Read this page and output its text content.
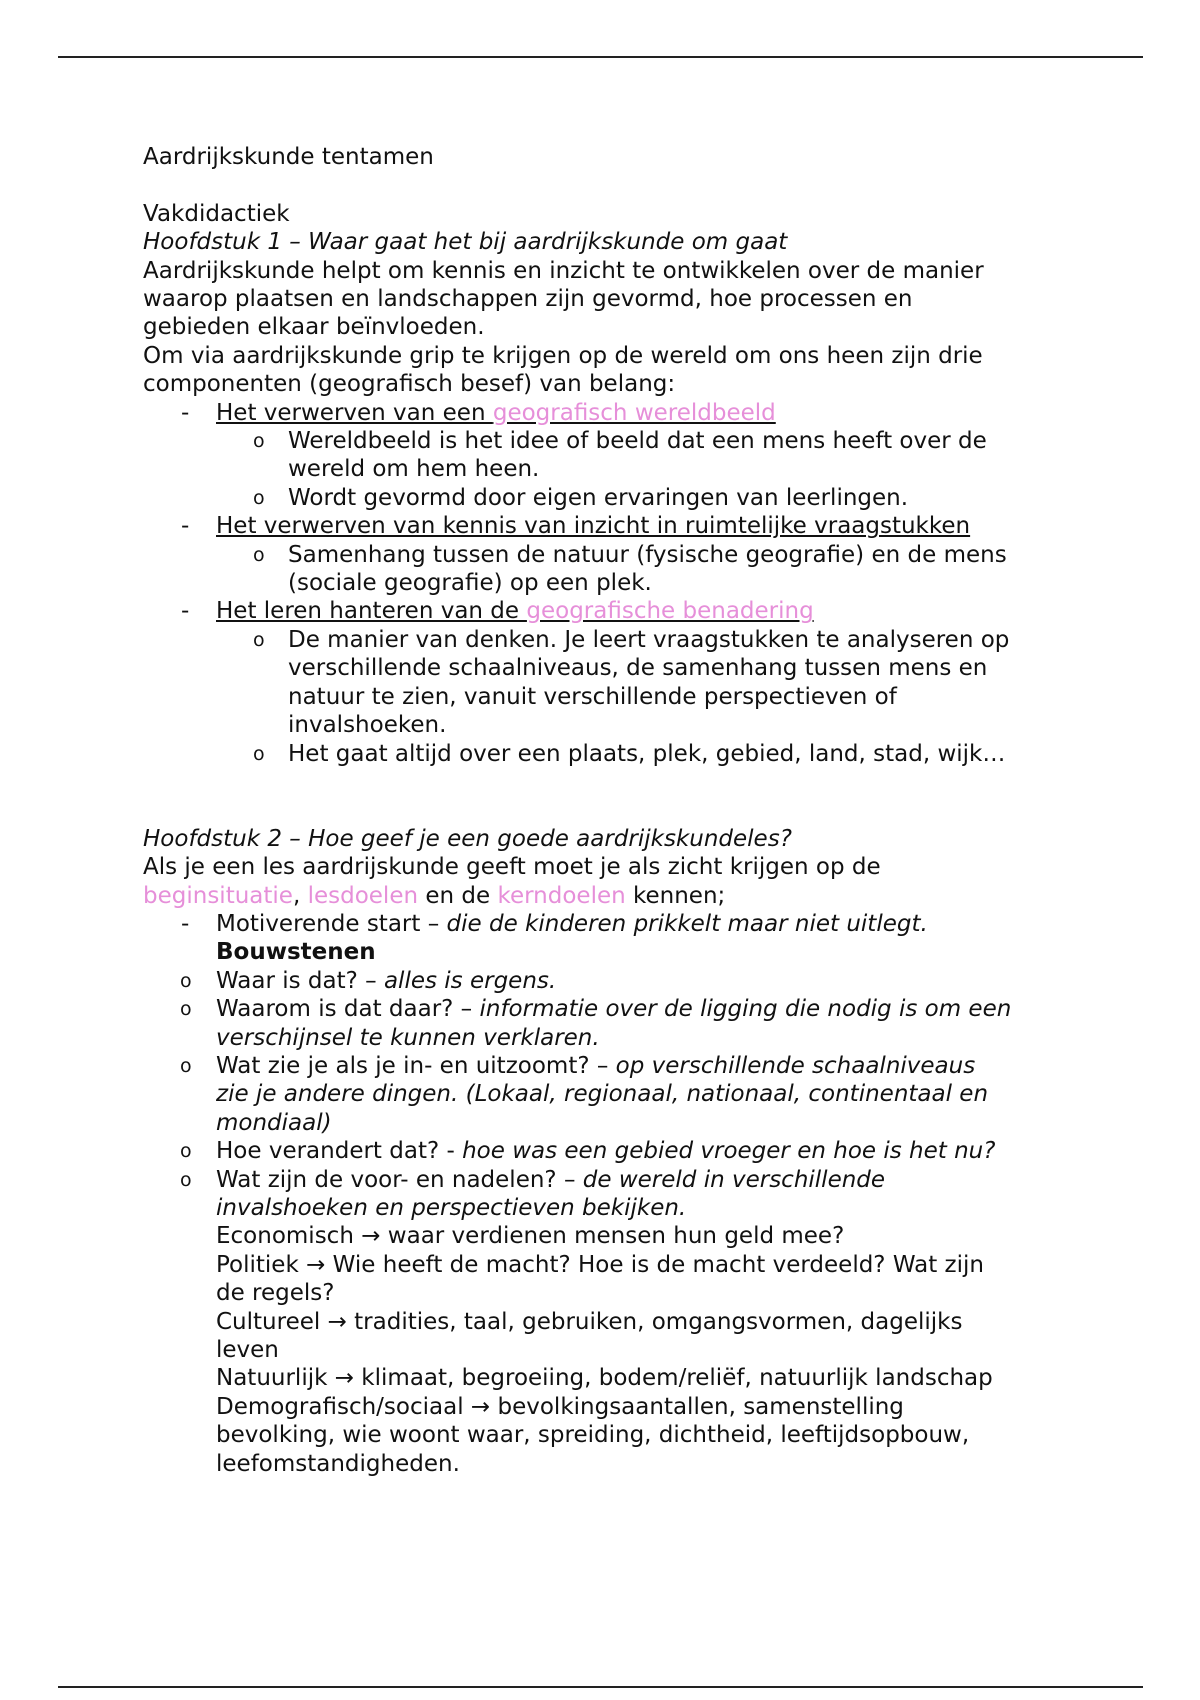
Aardrijkskunde tentamen
Vakdidactiek
Hoofdstuk 1 – Waar gaat het bij aardrijkskunde om gaat
Aardrijkskunde helpt om kennis en inzicht te ontwikkelen over de manier
waarop plaatsen en landschappen zijn gevormd, hoe processen en
gebieden elkaar beïnvloeden.
Om via aardrijkskunde grip te krijgen op de wereld om ons heen zijn drie
componenten (geografisch besef) van belang:
- Het verwerven van een geografisch wereldbeeld
o Wereldbeeld is het idee of beeld dat een mens heeft over de
wereld om hem heen.
o Wordt gevormd door eigen ervaringen van leerlingen.
- Het verwerven van kennis van inzicht in ruimtelijke vraagstukken
o Samenhang tussen de natuur (fysische geografie) en de mens
(sociale geografie) op een plek.
- Het leren hanteren van de geografische benadering
o De manier van denken. Je leert vraagstukken te analyseren op
verschillende schaalniveaus, de samenhang tussen mens en
natuur te zien, vanuit verschillende perspectieven of
invalshoeken.
o Het gaat altijd over een plaats, plek, gebied, land, stad, wijk…
Hoofdstuk 2 – Hoe geef je een goede aardrijkskundeles?
Als je een les aardrijskunde geeft moet je als zicht krijgen op de
beginsituatie, lesdoelen en de kerndoelen kennen;
- Motiverende start – die de kinderen prikkelt maar niet uitlegt.
Bouwstenen
o Waar is dat? – alles is ergens.
o Waarom is dat daar? – informatie over de ligging die nodig is om een
verschijnsel te kunnen verklaren.
o Wat zie je als je in- en uitzoomt? – op verschillende schaalniveaus
zie je andere dingen. (Lokaal, regionaal, nationaal, continentaal en
mondiaal)
o Hoe verandert dat? - hoe was een gebied vroeger en hoe is het nu?
o Wat zijn de voor- en nadelen? – de wereld in verschillende
invalshoeken en perspectieven bekijken.
Economisch → waar verdienen mensen hun geld mee?
Politiek → Wie heeft de macht? Hoe is de macht verdeeld? Wat zijn
de regels?
Cultureel → tradities, taal, gebruiken, omgangsvormen, dagelijks
leven
Natuurlijk → klimaat, begroeiing, bodem/reliëf, natuurlijk landschap
Demografisch/sociaal → bevolkingsaantallen, samenstelling
bevolking, wie woont waar, spreiding, dichtheid, leeftijdsopbouw,
leefomstandigheden.
